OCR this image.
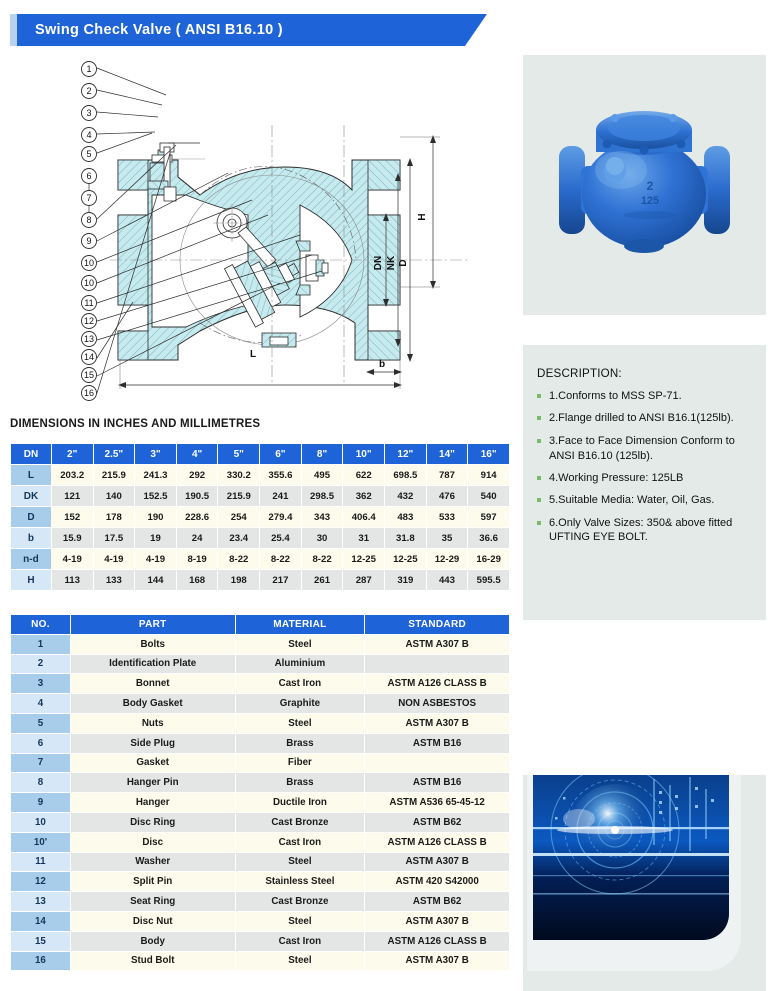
Swing Check Valve ( ANSI B16.10 )
1
2
3
4
5
6
7
8
9
10
10
11
12
13
14
15
16
H
D
NK
DN
L
b
DIMENSIONS IN INCHES AND MILLIMETRES
DN	2"	2.5"	3"	4"	5"	6"	8"	10"	12"	14"	16"
L	203.2	215.9	241.3	292	330.2	355.6	495	622	698.5	787	914
DK	121	140	152.5	190.5	215.9	241	298.5	362	432	476	540
D	152	178	190	228.6	254	279.4	343	406.4	483	533	597
b	15.9	17.5	19	24	23.4	25.4	30	31	31.8	35	36.6
n-d	4-19	4-19	4-19	8-19	8-22	8-22	8-22	12-25	12-25	12-29	16-29
H	113	133	144	168	198	217	261	287	319	443	595.5
NO.	PART	MATERIAL	STANDARD
1	Bolts	Steel	ASTM A307 B
2	Identification Plate	Aluminium	
3	Bonnet	Cast Iron	ASTM A126 CLASS B
4	Body Gasket	Graphite	NON ASBESTOS
5	Nuts	Steel	ASTM A307 B
6	Side Plug	Brass	ASTM B16
7	Gasket	Fiber	
8	Hanger Pin	Brass	ASTM B16
9	Hanger	Ductile Iron	ASTM A536 65-45-12
10	Disc Ring	Cast Bronze	ASTM B62
10'	Disc	Cast Iron	ASTM A126 CLASS B
11	Washer	Steel	ASTM A307 B
12	Split Pin	Stainless Steel	ASTM 420 S42000
13	Seat Ring	Cast Bronze	ASTM B62
14	Disc Nut	Steel	ASTM A307 B
15	Body	Cast Iron	ASTM A126 CLASS B
16	Stud Bolt	Steel	ASTM A307 B
2
125
DESCRIPTION:
1.Conforms to MSS SP-71.
2.Flange drilled to ANSI B16.1(125lb).
3.Face to Face Dimension Conform to ANSI B16.10 (125lb).
4.Working Pressure: 125LB
5.Suitable Media: Water, Oil, Gas.
6.Only Valve Sizes: 350& above fitted UFTING EYE BOLT.
